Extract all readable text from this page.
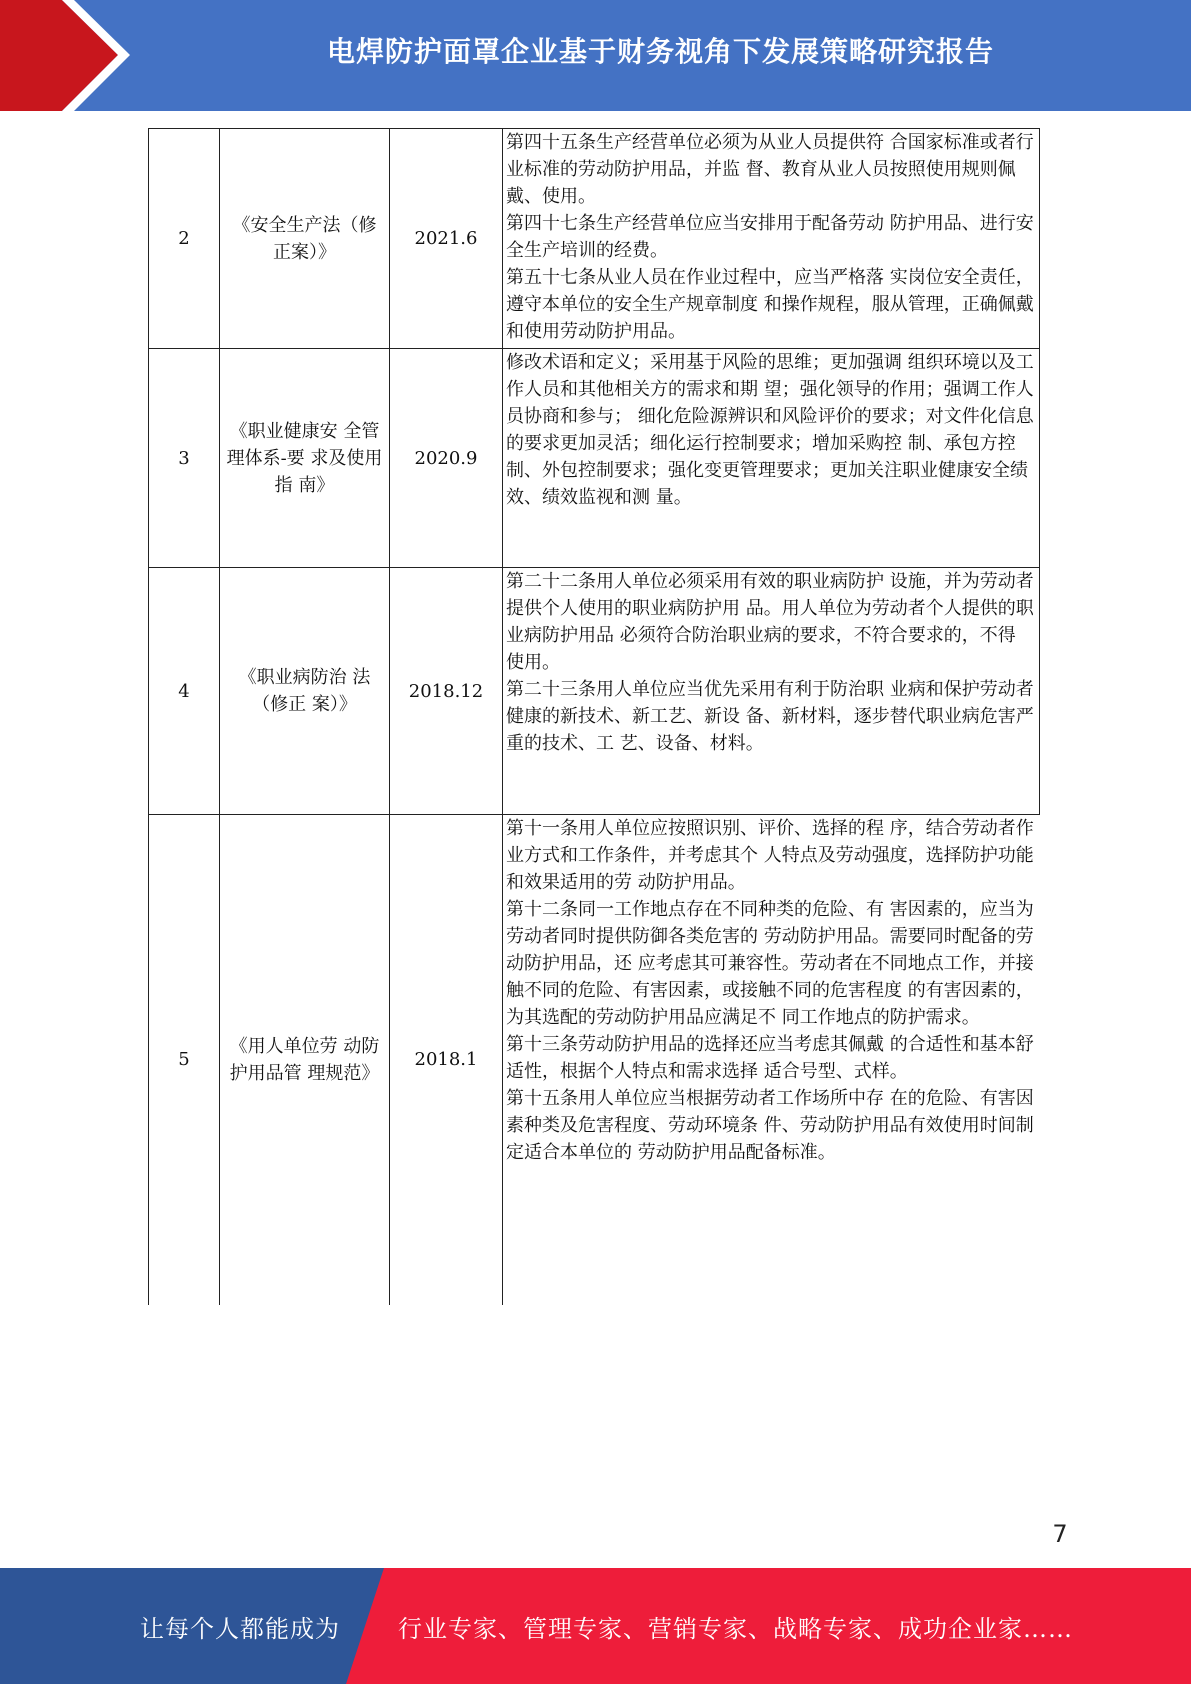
电焊防护面罩企业基于财务视角下发展策略研究报告
2	《安全生产法（修正案）》	2021.6	第四十五条生产经营单位必须为从业人员提供符 合国家标准或者行业标准的劳动防护用品，并监 督、教育从业人员按照使用规则佩戴、使用。

第四十七条生产经营单位应当安排用于配备劳动 防护用品、进行安全生产培训的经费。

第五十七条从业人员在作业过程中，应当严格落 实岗位安全责任，遵守本单位的安全生产规章制度 和操作规程，服从管理，正确佩戴和使用劳动防护用品。

3	《职业健康安 全管理体系-要 求及使用指 南》	2020.9	修改术语和定义；采用基于风险的思维；更加强调 组织环境以及工作人员和其他相关方的需求和期 望；强化领导的作用；强调工作人员协商和参与； 细化危险源辨识和风险评价的要求；对文件化信息 的要求更加灵活；细化运行控制要求；增加采购控 制、承包方控制、外包控制要求；强化变更管理要求；更加关注职业健康安全绩效、绩效监视和测 量。

4	《职业病防治 法（修正 案）》	2018.12	第二十二条用人单位必须采用有效的职业病防护 设施，并为劳动者提供个人使用的职业病防护用 品。用人单位为劳动者个人提供的职业病防护用品 必须符合防治职业病的要求，不符合要求的，不得 使用。

第二十三条用人单位应当优先采用有利于防治职 业病和保护劳动者健康的新技术、新工艺、新设 备、新材料，逐步替代职业病危害严重的技术、工 艺、设备、材料。

5	《用人单位劳 动防护用品管 理规范》	2018.1	第十一条用人单位应按照识别、评价、选择的程 序，结合劳动者作业方式和工作条件，并考虑其个 人特点及劳动强度，选择防护功能和效果适用的劳 动防护用品。

第十二条同一工作地点存在不同种类的危险、有 害因素的，应当为劳动者同时提供防御各类危害的 劳动防护用品。需要同时配备的劳动防护用品，还 应考虑其可兼容性。劳动者在不同地点工作，并接 触不同的危险、有害因素，或接触不同的危害程度 的有害因素的，为其选配的劳动防护用品应满足不 同工作地点的防护需求。

第十三条劳动防护用品的选择还应当考虑其佩戴 的合适性和基本舒适性，根据个人特点和需求选择 适合号型、式样。

第十五条用人单位应当根据劳动者工作场所中存 在的危险、有害因素种类及危害程度、劳动环境条 件、劳动防护用品有效使用时间制定适合本单位的 劳动防护用品配备标准。

7
让每个人都能成为 行业专家、管理专家、营销专家、战略专家、成功企业家……
